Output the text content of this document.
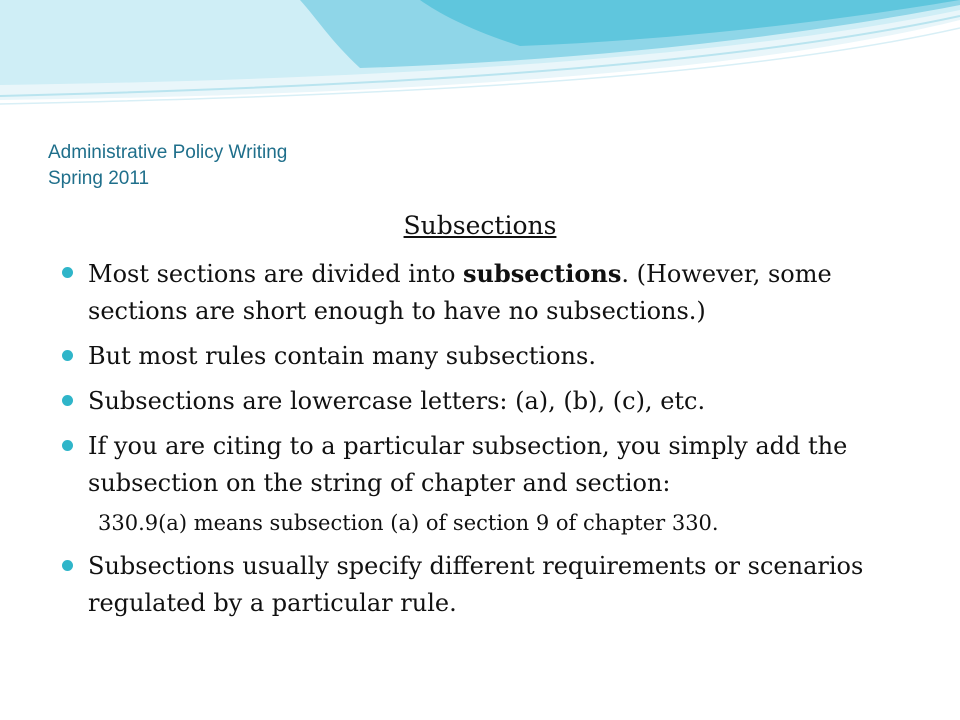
Administrative Policy Writing
Spring 2011
Subsections
Most sections are divided into subsections. (However, some sections are short enough to have no subsections.)
But most rules contain many subsections.
Subsections are lowercase letters: (a), (b), (c), etc.
If you are citing to a particular subsection, you simply add the subsection on the string of chapter and section:
330.9(a) means subsection (a) of section 9 of chapter 330.
Subsections usually specify different requirements or scenarios regulated by a particular rule.
